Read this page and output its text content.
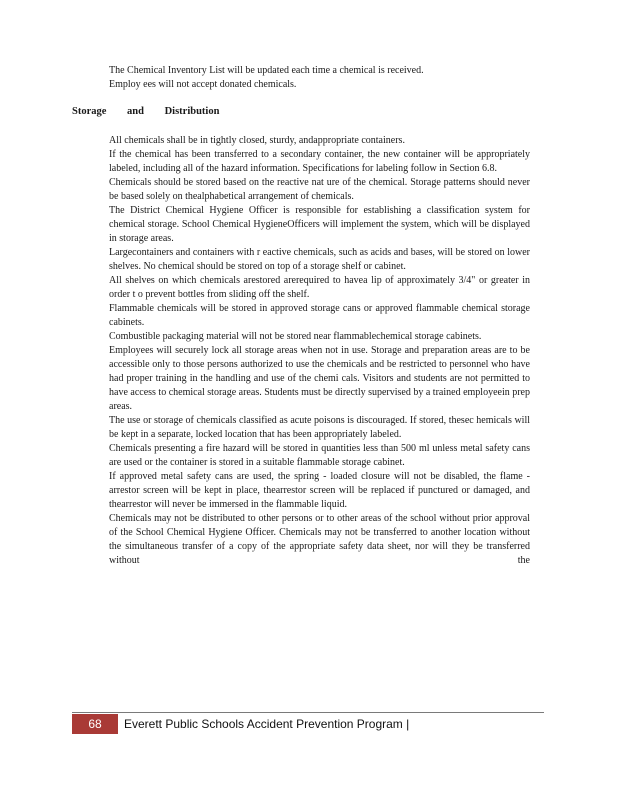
The Chemical Inventory List will be updated each time a chemical is received.

Employ ees will not accept donated chemicals.

Storage and Distribution

All chemicals shall be in tightly closed, sturdy, andappropriate containers.

If the chemical has been transferred to a secondary container, the new container will be appropriately labeled, including all of the hazard information. Specifications for labeling follow in Section 6.8.

Chemicals should be stored based on the reactive nat ure of the chemical. Storage patterns should never be based solely on thealphabetical arrangement of chemicals.

The District Chemical Hygiene Officer is responsible for establishing a classification system for chemical storage. School Chemical HygieneOfficers will implement the system, which will be displayed in storage areas.

Largecontainers and containers with r eactive chemicals, such as acids and bases, will be stored on lower shelves. No chemical should be stored on top of a storage shelf or cabinet.

All shelves on which chemicals arestored arerequired to havea lip of approximately 3/4" or greater in order t o prevent bottles from sliding off the shelf.

Flammable chemicals will be stored in approved storage cans or approved flammable chemical storage cabinets.

Combustible packaging material will not be stored near flammablechemical storage cabinets.

Employees will securely lock all storage areas when not in use. Storage and preparation areas are to be accessible only to those persons authorized to use the chemicals and be restricted to personnel who have had proper training in the handling and use of the chemi cals. Visitors and students are not permitted to have access to chemical storage areas. Students must be directly supervised by a trained employeein prep areas.

The use or storage of chemicals classified as acute poisons is discouraged. If stored, thesec hemicals will be kept in a separate, locked location that has been appropriately labeled.

Chemicals presenting a fire hazard will be stored in quantities less than 500 ml unless metal safety cans are used or the container is stored in a suitable flammable storage cabinet.

If approved metal safety cans are used, the spring - loaded closure will not be disabled, the flame - arrestor screen will be kept in place, thearrestor screen will be replaced if punctured or damaged, and thearrestor will never be immersed in the flammable liquid.

Chemicals may not be distributed to other persons or to other areas of the school without prior approval of the School Chemical Hygiene Officer. Chemicals may not be transferred to another location without the simultaneous transfer of a copy of the appropriate safety data sheet, nor will they be transferred without the

68	Everett Public Schools Accident Prevention Program |
